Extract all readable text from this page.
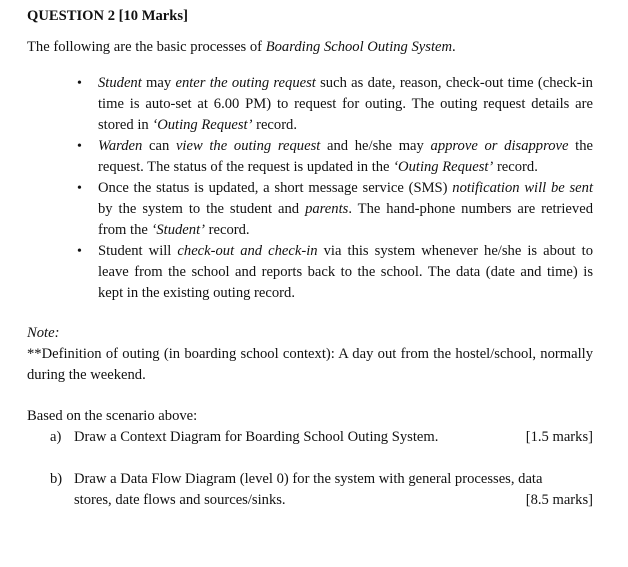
QUESTION 2 [10 Marks]

The following are the basic processes of Boarding School Outing System.

• Student may enter the outing request such as date, reason, check-out time (check-in time is auto-set at 6.00 PM) to request for outing. The outing request details are stored in ‘Outing Request’ record.
• Warden can view the outing request and he/she may approve or disapprove the request. The status of the request is updated in the ‘Outing Request’ record.
• Once the status is updated, a short message service (SMS) notification will be sent by the system to the student and parents. The hand-phone numbers are retrieved from the ‘Student’ record.
• Student will check-out and check-in via this system whenever he/she is about to leave from the school and reports back to the school. The data (date and time) is kept in the existing outing record.

Note:

**Definition of outing (in boarding school context): A day out from the hostel/school, normally during the weekend.

Based on the scenario above:

a) Draw a Context Diagram for Boarding School Outing System.	[1.5 marks]
b) Draw a Data Flow Diagram (level 0) for the system with general processes, data
stores, date flows and sources/sinks.	[8.5 marks]
